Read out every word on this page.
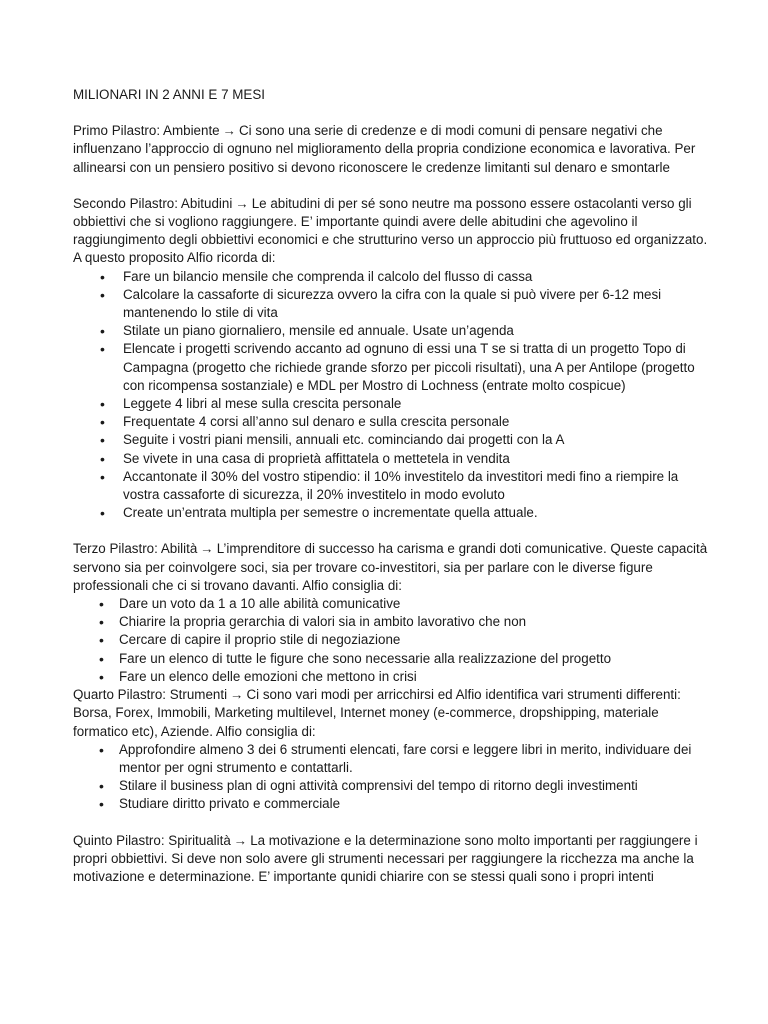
MILIONARI IN 2 ANNI E 7 MESI

Primo Pilastro: Ambiente → Ci sono una serie di credenze e di modi comuni di pensare negativi che influenzano l’approccio di ognuno nel miglioramento della propria condizione economica e lavorativa. Per allinearsi con un pensiero positivo si devono riconoscere le credenze limitanti sul denaro e smontarle

Secondo Pilastro: Abitudini → Le abitudini di per sé sono neutre ma possono essere ostacolanti verso gli obbiettivi che si vogliono raggiungere. E’ importante quindi avere delle abitudini che agevolino il raggiungimento degli obbiettivi economici e che strutturino verso un approccio più fruttuoso ed organizzato. A questo proposito Alfio ricorda di:

• Fare un bilancio mensile che comprenda il calcolo del flusso di cassa
• Calcolare la cassaforte di sicurezza ovvero la cifra con la quale si può vivere per 6-12 mesi mantenendo lo stile di vita
• Stilate un piano giornaliero, mensile ed annuale. Usate un’agenda
• Elencate i progetti scrivendo accanto ad ognuno di essi una T se si tratta di un progetto Topo di Campagna (progetto che richiede grande sforzo per piccoli risultati), una A per Antilope (progetto con ricompensa sostanziale) e MDL per Mostro di Lochness (entrate molto cospicue)
• Leggete 4 libri al mese sulla crescita personale
• Frequentate 4 corsi all’anno sul denaro e sulla crescita personale
• Seguite i vostri piani mensili, annuali etc. cominciando dai progetti con la A
• Se vivete in una casa di proprietà affittatela o mettetela in vendita
• Accantonate il 30% del vostro stipendio: il 10% investitelo da investitori medi fino a riempire la vostra cassaforte di sicurezza, il 20% investitelo in modo evoluto
• Create un’entrata multipla per semestre o incrementate quella attuale.

Terzo Pilastro: Abilità → L’imprenditore di successo ha carisma e grandi doti comunicative. Queste capacità servono sia per coinvolgere soci, sia per trovare co-investitori, sia per parlare con le diverse figure professionali che ci si trovano davanti. Alfio consiglia di:

• Dare un voto da 1 a 10 alle abilità comunicative
• Chiarire la propria gerarchia di valori sia in ambito lavorativo che non
• Cercare di capire il proprio stile di negoziazione
• Fare un elenco di tutte le figure che sono necessarie alla realizzazione del progetto
• Fare un elenco delle emozioni che mettono in crisi

Quarto Pilastro: Strumenti → Ci sono vari modi per arricchirsi ed Alfio identifica vari strumenti differenti: Borsa, Forex, Immobili, Marketing multilevel, Internet money (e-commerce, dropshipping, materiale formatico etc), Aziende. Alfio consiglia di:

• Approfondire almeno 3 dei 6 strumenti elencati, fare corsi e leggere libri in merito, individuare dei mentor per ogni strumento e contattarli.
• Stilare il business plan di ogni attività comprensivi del tempo di ritorno degli investimenti
• Studiare diritto privato e commerciale

Quinto Pilastro: Spiritualità → La motivazione e la determinazione sono molto importanti per raggiungere i propri obbiettivi. Si deve non solo avere gli strumenti necessari per raggiungere la ricchezza ma anche la motivazione e determinazione. E’ importante qunidi chiarire con se stessi quali sono i propri intenti
